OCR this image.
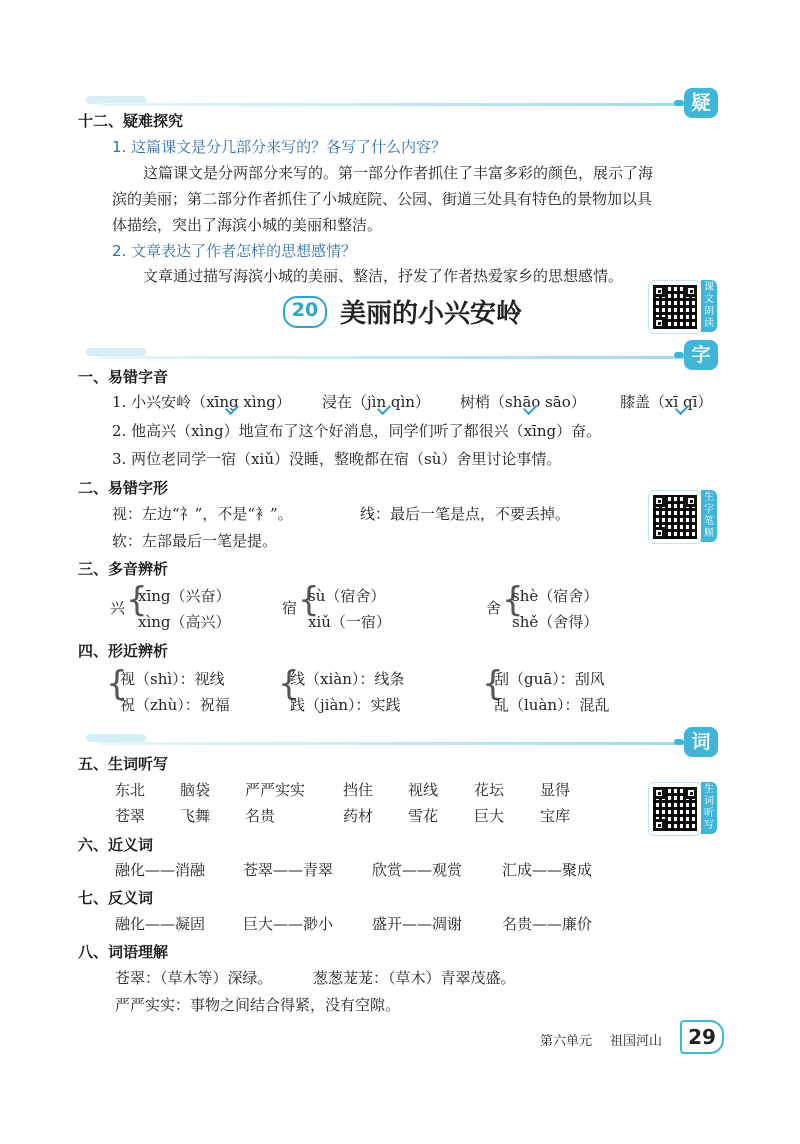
疑
十二、疑难探究
1. 这篇课文是分几部分来写的？各写了什么内容？
这篇课文是分两部分来写的。第一部分作者抓住了丰富多彩的颜色，展示了海
滨的美丽；第二部分作者抓住了小城庭院、公园、街道三处具有特色的景物加以具
体描绘，突出了海滨小城的美丽和整洁。
2. 文章表达了作者怎样的思想感情？
文章通过描写海滨小城的美丽、整洁，抒发了作者热爱家乡的思想感情。
课文朗读
20 美丽的小兴安岭
字
一、易错字音
1. 小兴安岭（xīng xìng） 浸在（jìn qìn） 树梢（shāo sāo） 膝盖（xī qī）
2. 他高兴（xìng）地宣布了这个好消息，同学们听了都很兴（xīng）奋。
3. 两位老同学一宿（xiǔ）没睡，整晚都在宿（sù）舍里讨论事情。
二、易错字形
视：左边“礻”，不是“衤”。	线：最后一笔是点，不要丢掉。
软：左部最后一笔是提。
生字笔顺
三、多音辨析
兴 {
xīng（兴奋）
xìng（高兴）
宿 {
sù（宿舍）
xiǔ（一宿）
舍 {
shè（宿舍）
shě（舍得）
四、形近辨析
{
视（shì）：视线
祝（zhù）：祝福
{
线（xiàn）：线条
践（jiàn）：实践
{
刮（guā）：刮风
乱（luàn）：混乱
词
五、生词听写
东北 脑袋 严严实实	挡住 视线 花坛 显得
苍翠 飞舞 名贵	药材 雪花 巨大 宝库
生词听写
六、近义词
融化——消融	苍翠——青翠	欣赏——观赏	汇成——聚成
七、反义词
融化——凝固	巨大——渺小	盛开——凋谢	名贵——廉价
八、词语理解
苍翠：（草木等）深绿。	葱葱茏茏：（草木）青翠茂盛。
严严实实：事物之间结合得紧，没有空隙。
第六单元 祖国河山	29
